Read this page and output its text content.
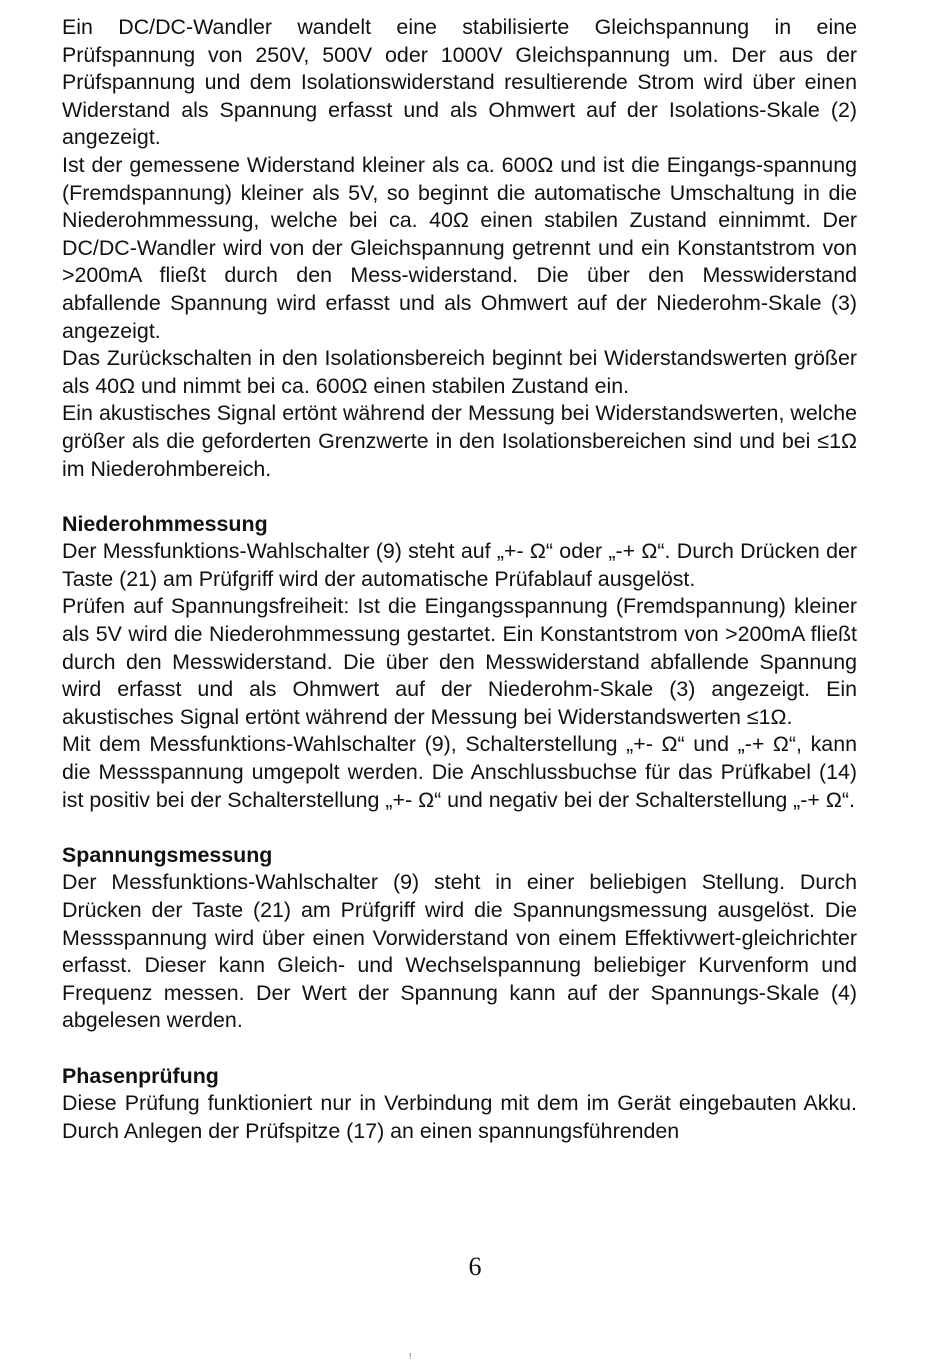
Ein DC/DC-Wandler wandelt eine stabilisierte Gleichspannung in eine Prüfspannung von 250V, 500V oder 1000V Gleichspannung um. Der aus der Prüfspannung und dem Isolationswiderstand resultierende Strom wird über einen Widerstand als Spannung erfasst und als Ohmwert auf der Isolations-Skale (2) angezeigt.

Ist der gemessene Widerstand kleiner als ca. 600Ω und ist die Eingangs-spannung (Fremdspannung) kleiner als 5V, so beginnt die automatische Umschaltung in die Niederohmmessung, welche bei ca. 40Ω einen stabilen Zustand einnimmt. Der DC/DC-Wandler wird von der Gleichspannung getrennt und ein Konstantstrom von >200mA fließt durch den Mess-widerstand. Die über den Messwiderstand abfallende Spannung wird erfasst und als Ohmwert auf der Niederohm-Skale (3) angezeigt.

Das Zurückschalten in den Isolationsbereich beginnt bei Widerstandswerten größer als 40Ω und nimmt bei ca. 600Ω einen stabilen Zustand ein.

Ein akustisches Signal ertönt während der Messung bei Widerstandswerten, welche größer als die geforderten Grenzwerte in den Isolationsbereichen sind und bei ≤1Ω im Niederohmbereich.

Niederohmmessung

Der Messfunktions-Wahlschalter (9) steht auf „+- Ω“ oder „-+ Ω“. Durch Drücken der Taste (21) am Prüfgriff wird der automatische Prüfablauf ausgelöst.

Prüfen auf Spannungsfreiheit: Ist die Eingangsspannung (Fremdspannung) kleiner als 5V wird die Niederohmmessung gestartet. Ein Konstantstrom von >200mA fließt durch den Messwiderstand. Die über den Messwiderstand abfallende Spannung wird erfasst und als Ohmwert auf der Niederohm-Skale (3) angezeigt. Ein akustisches Signal ertönt während der Messung bei Widerstandswerten ≤1Ω.

Mit dem Messfunktions-Wahlschalter (9), Schalterstellung „+- Ω“ und „-+ Ω“, kann die Messspannung umgepolt werden. Die Anschlussbuchse für das Prüfkabel (14) ist positiv bei der Schalterstellung „+- Ω“ und negativ bei der Schalterstellung „-+ Ω“.

Spannungsmessung

Der Messfunktions-Wahlschalter (9) steht in einer beliebigen Stellung. Durch Drücken der Taste (21) am Prüfgriff wird die Spannungsmessung ausgelöst. Die Messspannung wird über einen Vorwiderstand von einem Effektivwert-gleichrichter erfasst. Dieser kann Gleich- und Wechselspannung beliebiger Kurvenform und Frequenz messen. Der Wert der Spannung kann auf der Spannungs-Skale (4) abgelesen werden.

Phasenprüfung

Diese Prüfung funktioniert nur in Verbindung mit dem im Gerät eingebauten Akku. Durch Anlegen der Prüfspitze (17) an einen spannungsführenden

6
!
